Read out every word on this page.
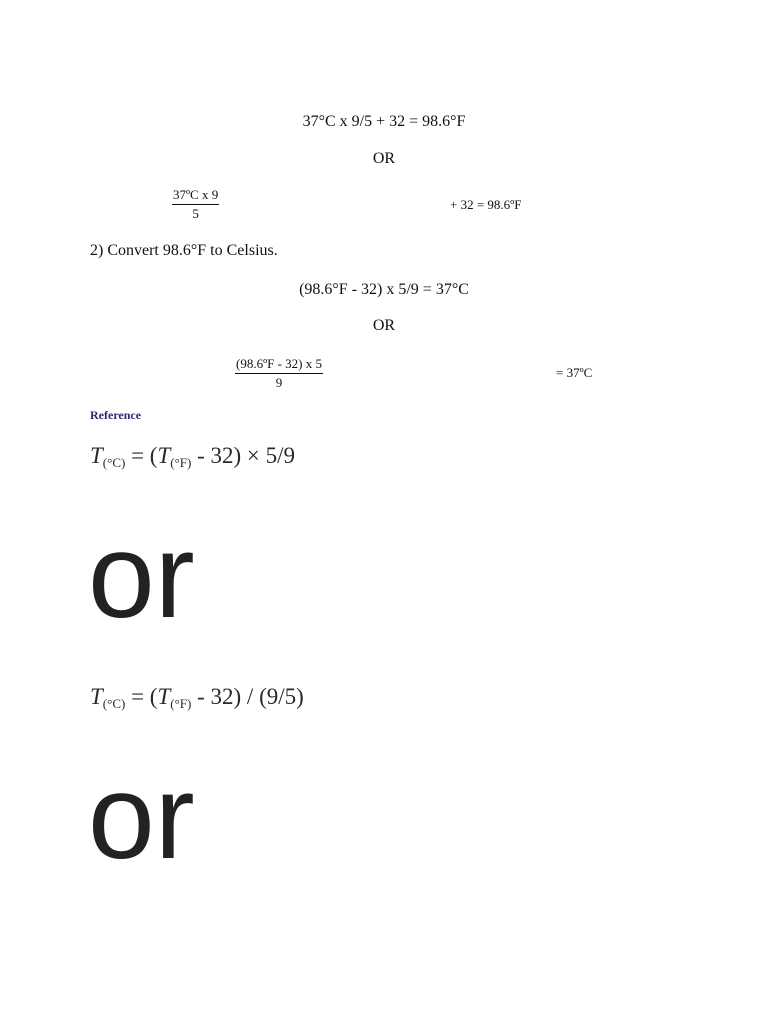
37°C x 9/5 + 32 = 98.6°F
OR
$\frac{\text{37ºC x 9}}{5}$	+ 32 = 98.6ºF
2) Convert 98.6°F to Celsius.
(98.6°F - 32) x 5/9 = 37°C
OR
$\frac{\text{(98.6ºF - 32) x 5}}{9}$	= 37ºC
Reference
$T_{(^\circ C)} = (T_{(^\circ F)} - 32) \times 5/9$
or
$T_{(^\circ C)} = (T_{(^\circ F)} - 32) / (9/5)$
or
